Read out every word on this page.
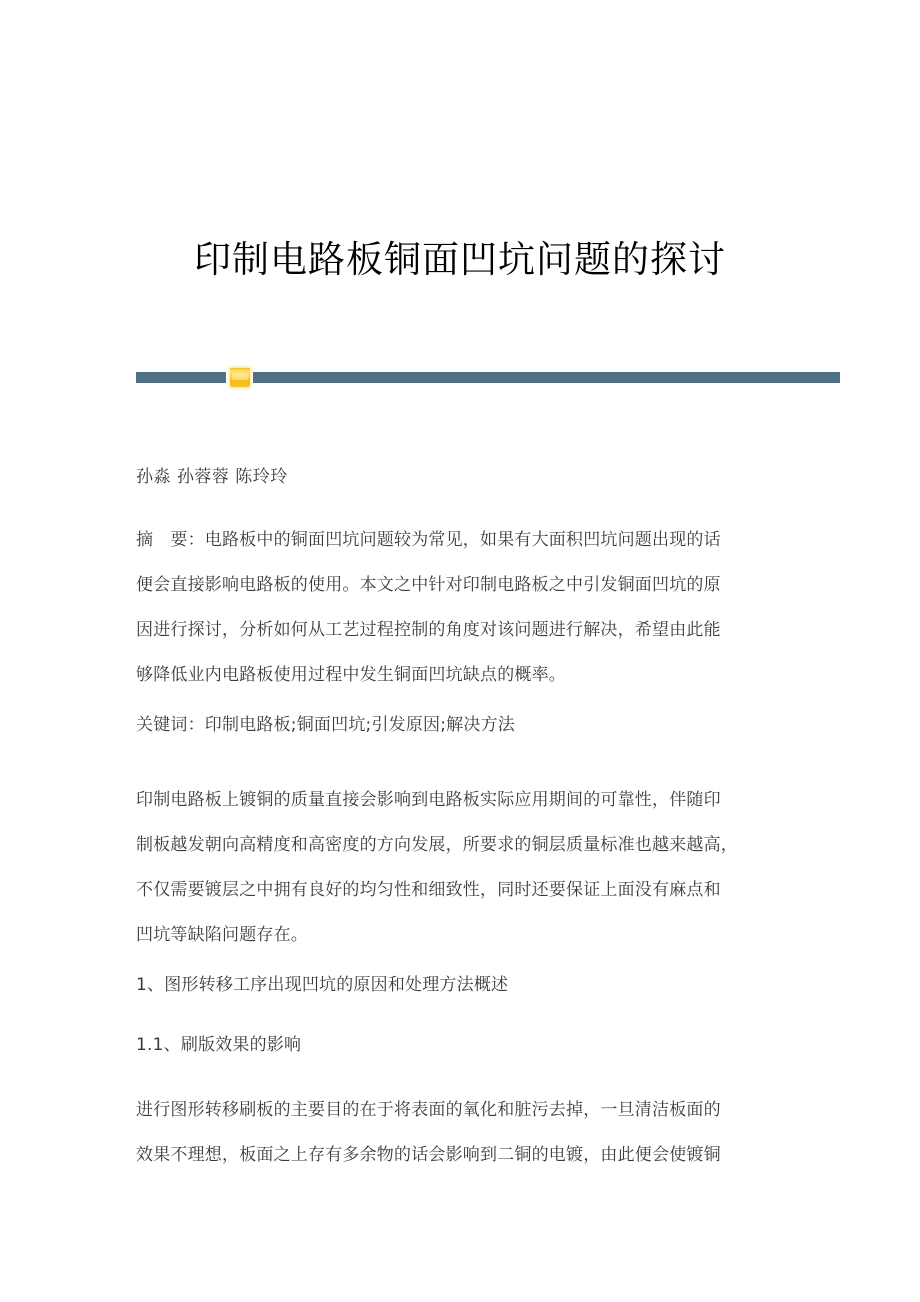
印制电路板铜面凹坑问题的探讨
孙淼 孙蓉蓉 陈玲玲
摘　要：电路板中的铜面凹坑问题较为常见，如果有大面积凹坑问题出现的话
便会直接影响电路板的使用。本文之中针对印制电路板之中引发铜面凹坑的原
因进行探讨，分析如何从工艺过程控制的角度对该问题进行解决，希望由此能
够降低业内电路板使用过程中发生铜面凹坑缺点的概率。
关键词：印制电路板;铜面凹坑;引发原因;解决方法
印制电路板上镀铜的质量直接会影响到电路板实际应用期间的可靠性，伴随印
制板越发朝向高精度和高密度的方向发展，所要求的铜层质量标准也越来越高，
不仅需要镀层之中拥有良好的均匀性和细致性，同时还要保证上面没有麻点和
凹坑等缺陷问题存在。
1、图形转移工序出现凹坑的原因和处理方法概述
1.1、刷版效果的影响
进行图形转移刷板的主要目的在于将表面的氧化和脏污去掉，一旦清洁板面的
效果不理想，板面之上存有多余物的话会影响到二铜的电镀，由此便会使镀铜
